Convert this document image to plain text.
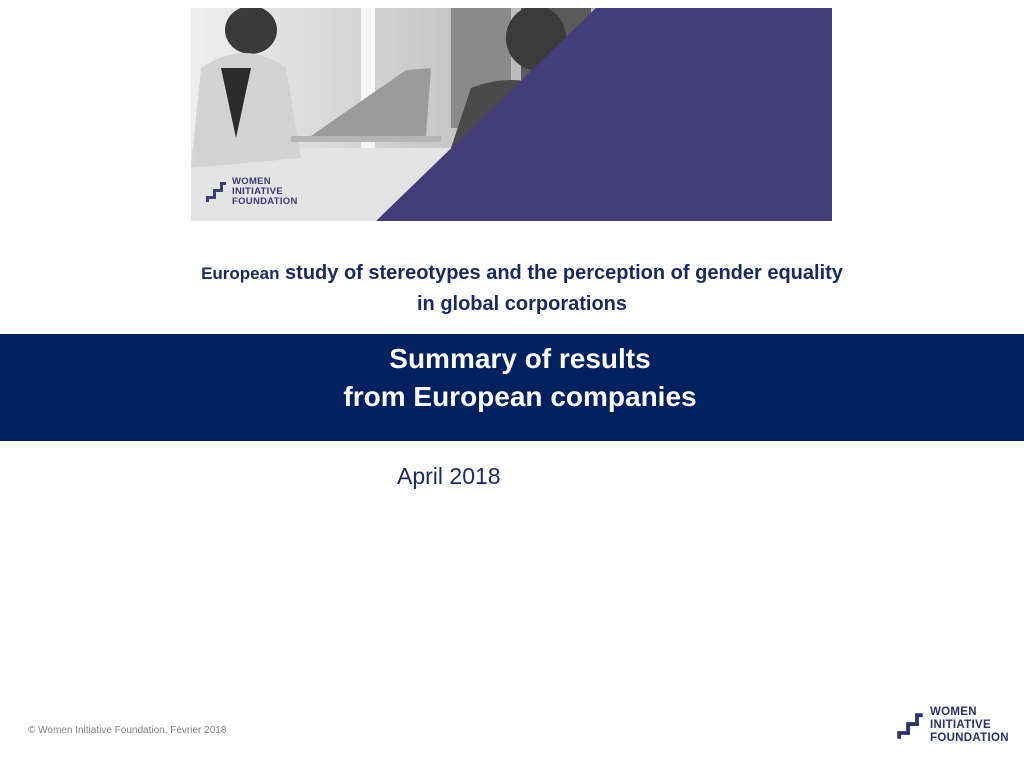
WOMEN
INITIATIVE
FOUNDATION
European study of stereotypes and the perception of gender equality
in global corporations
Summary of results
from European companies
April 2018
© Women Initiative Foundation, Février 2018
WOMEN
INITIATIVE
FOUNDATION
